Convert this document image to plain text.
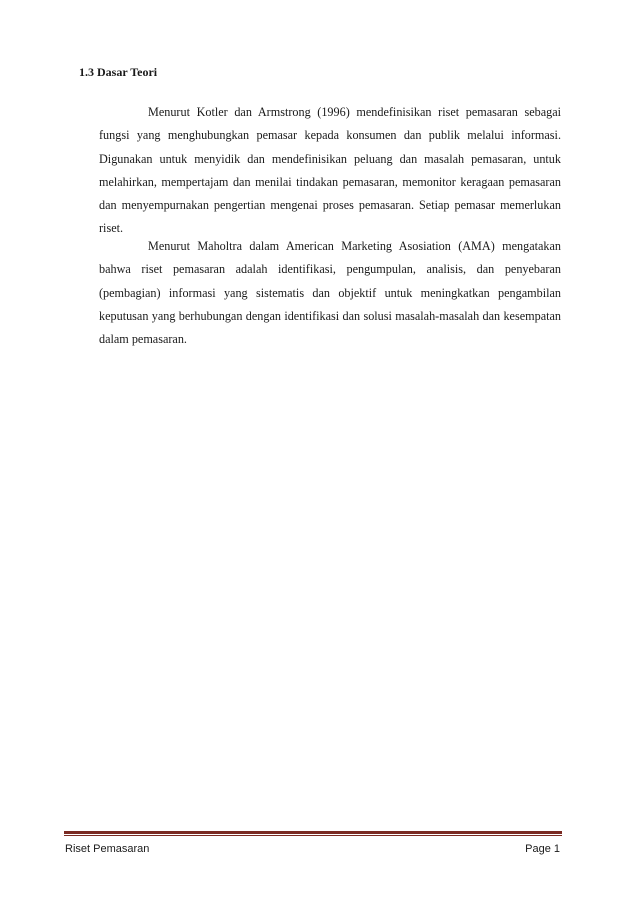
1.3 Dasar Teori

Menurut Kotler dan Armstrong (1996) mendefinisikan riset pemasaran sebagai fungsi yang menghubungkan pemasar kepada konsumen dan publik melalui informasi. Digunakan untuk menyidik dan mendefinisikan peluang dan masalah pemasaran, untuk melahirkan, mempertajam dan menilai tindakan pemasaran, memonitor keragaan pemasaran dan menyempurnakan pengertian mengenai proses pemasaran. Setiap pemasar memerlukan riset.

Menurut Maholtra dalam American Marketing Asosiation (AMA) mengatakan bahwa riset pemasaran adalah identifikasi, pengumpulan, analisis, dan penyebaran (pembagian) informasi yang sistematis dan objektif untuk meningkatkan pengambilan keputusan yang berhubungan dengan identifikasi dan solusi masalah-masalah dan kesempatan dalam pemasaran.

Riset Pemasaran	Page 1
